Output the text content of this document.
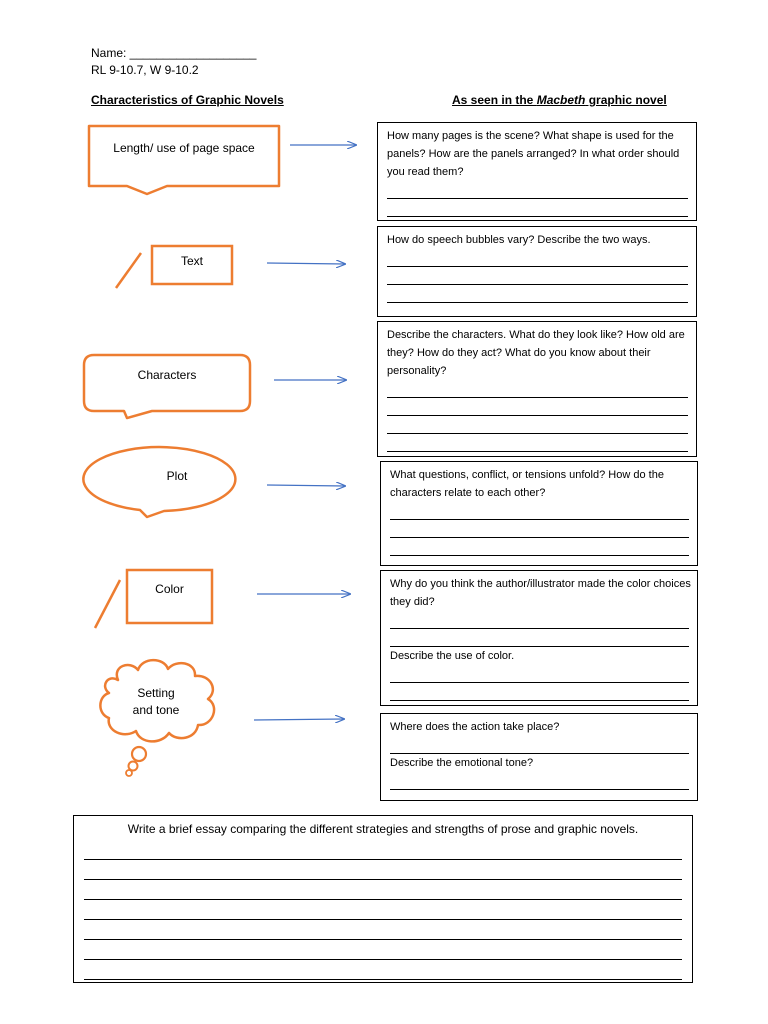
Name: ___________________
RL 9-10.7, W 9-10.2
Characteristics of Graphic Novels	As seen in the Macbeth graphic novel
Length/ use of page space
Text
Characters
Plot
Color
Setting
and tone
How many pages is the scene? What shape is used for the panels? How are the panels arranged? In what order should you read them?
How do speech bubbles vary? Describe the two ways.
Describe the characters. What do they look like? How old are they? How do they act? What do you know about their personality?
What questions, conflict, or tensions unfold? How do the characters relate to each other?
Why do you think the author/illustrator made the color choices they did?
Describe the use of color.
Where does the action take place?
Describe the emotional tone?
Write a brief essay comparing the different strategies and strengths of prose and graphic novels.
